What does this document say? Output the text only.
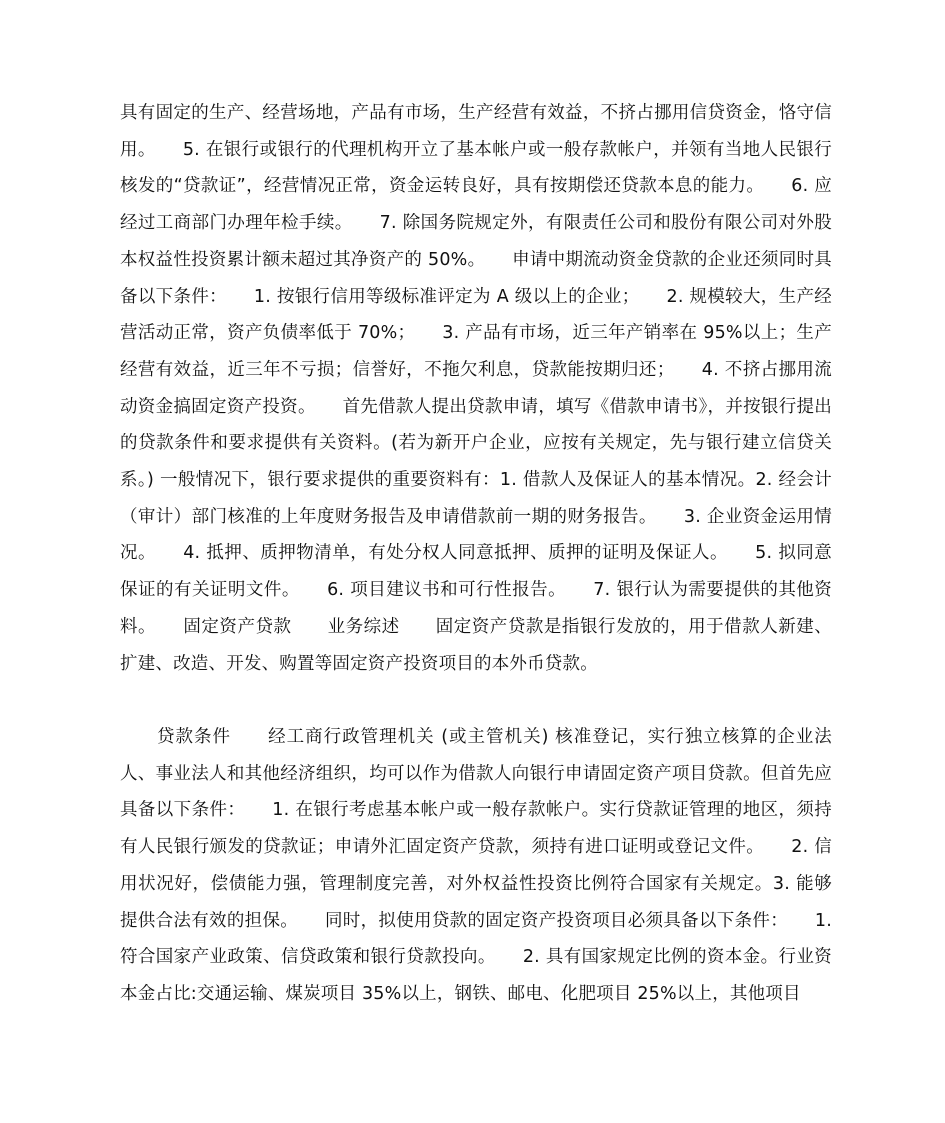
具有固定的生产、经营场地，产品有市场，生产经营有效益，不挤占挪用信贷资金，恪守信用。　　5. 在银行或银行的代理机构开立了基本帐户或一般存款帐户，并领有当地人民银行核发的“贷款证”，经营情况正常，资金运转良好，具有按期偿还贷款本息的能力。　　6. 应经过工商部门办理年检手续。　　7. 除国务院规定外，有限责任公司和股份有限公司对外股本权益性投资累计额未超过其净资产的 50%。　　申请中期流动资金贷款的企业还须同时具备以下条件：　　1. 按银行信用等级标准评定为 A 级以上的企业；　　2. 规模较大，生产经营活动正常，资产负债率低于 70%；　　3. 产品有市场，近三年产销率在 95%以上；生产经营有效益，近三年不亏损；信誉好，不拖欠利息，贷款能按期归还；　　4. 不挤占挪用流动资金搞固定资产投资。　　首先借款人提出贷款申请，填写《借款申请书》，并按银行提出的贷款条件和要求提供有关资料。(若为新开户企业，应按有关规定，先与银行建立信贷关系。) 一般情况下，银行要求提供的重要资料有：1. 借款人及保证人的基本情况。2. 经会计（审计）部门核准的上年度财务报告及申请借款前一期的财务报告。　　3. 企业资金运用情况。　　4. 抵押、质押物清单，有处分权人同意抵押、质押的证明及保证人。　　5. 拟同意保证的有关证明文件。　　6. 项目建议书和可行性报告。　　7. 银行认为需要提供的其他资料。　　固定资产贷款　　业务综述　　固定资产贷款是指银行发放的，用于借款人新建、扩建、改造、开发、购置等固定资产投资项目的本外币贷款。

　　贷款条件　　经工商行政管理机关 (或主管机关) 核准登记，实行独立核算的企业法人、事业法人和其他经济组织，均可以作为借款人向银行申请固定资产项目贷款。但首先应具备以下条件：　　1. 在银行考虑基本帐户或一般存款帐户。实行贷款证管理的地区，须持有人民银行颁发的贷款证；申请外汇固定资产贷款，须持有进口证明或登记文件。　　2. 信用状况好，偿债能力强，管理制度完善，对外权益性投资比例符合国家有关规定。3. 能够提供合法有效的担保。　　同时，拟使用贷款的固定资产投资项目必须具备以下条件：　　1. 符合国家产业政策、信贷政策和银行贷款投向。　　2. 具有国家规定比例的资本金。行业资本金占比:交通运输、煤炭项目 35%以上，钢铁、邮电、化肥项目 25%以上，其他项目
